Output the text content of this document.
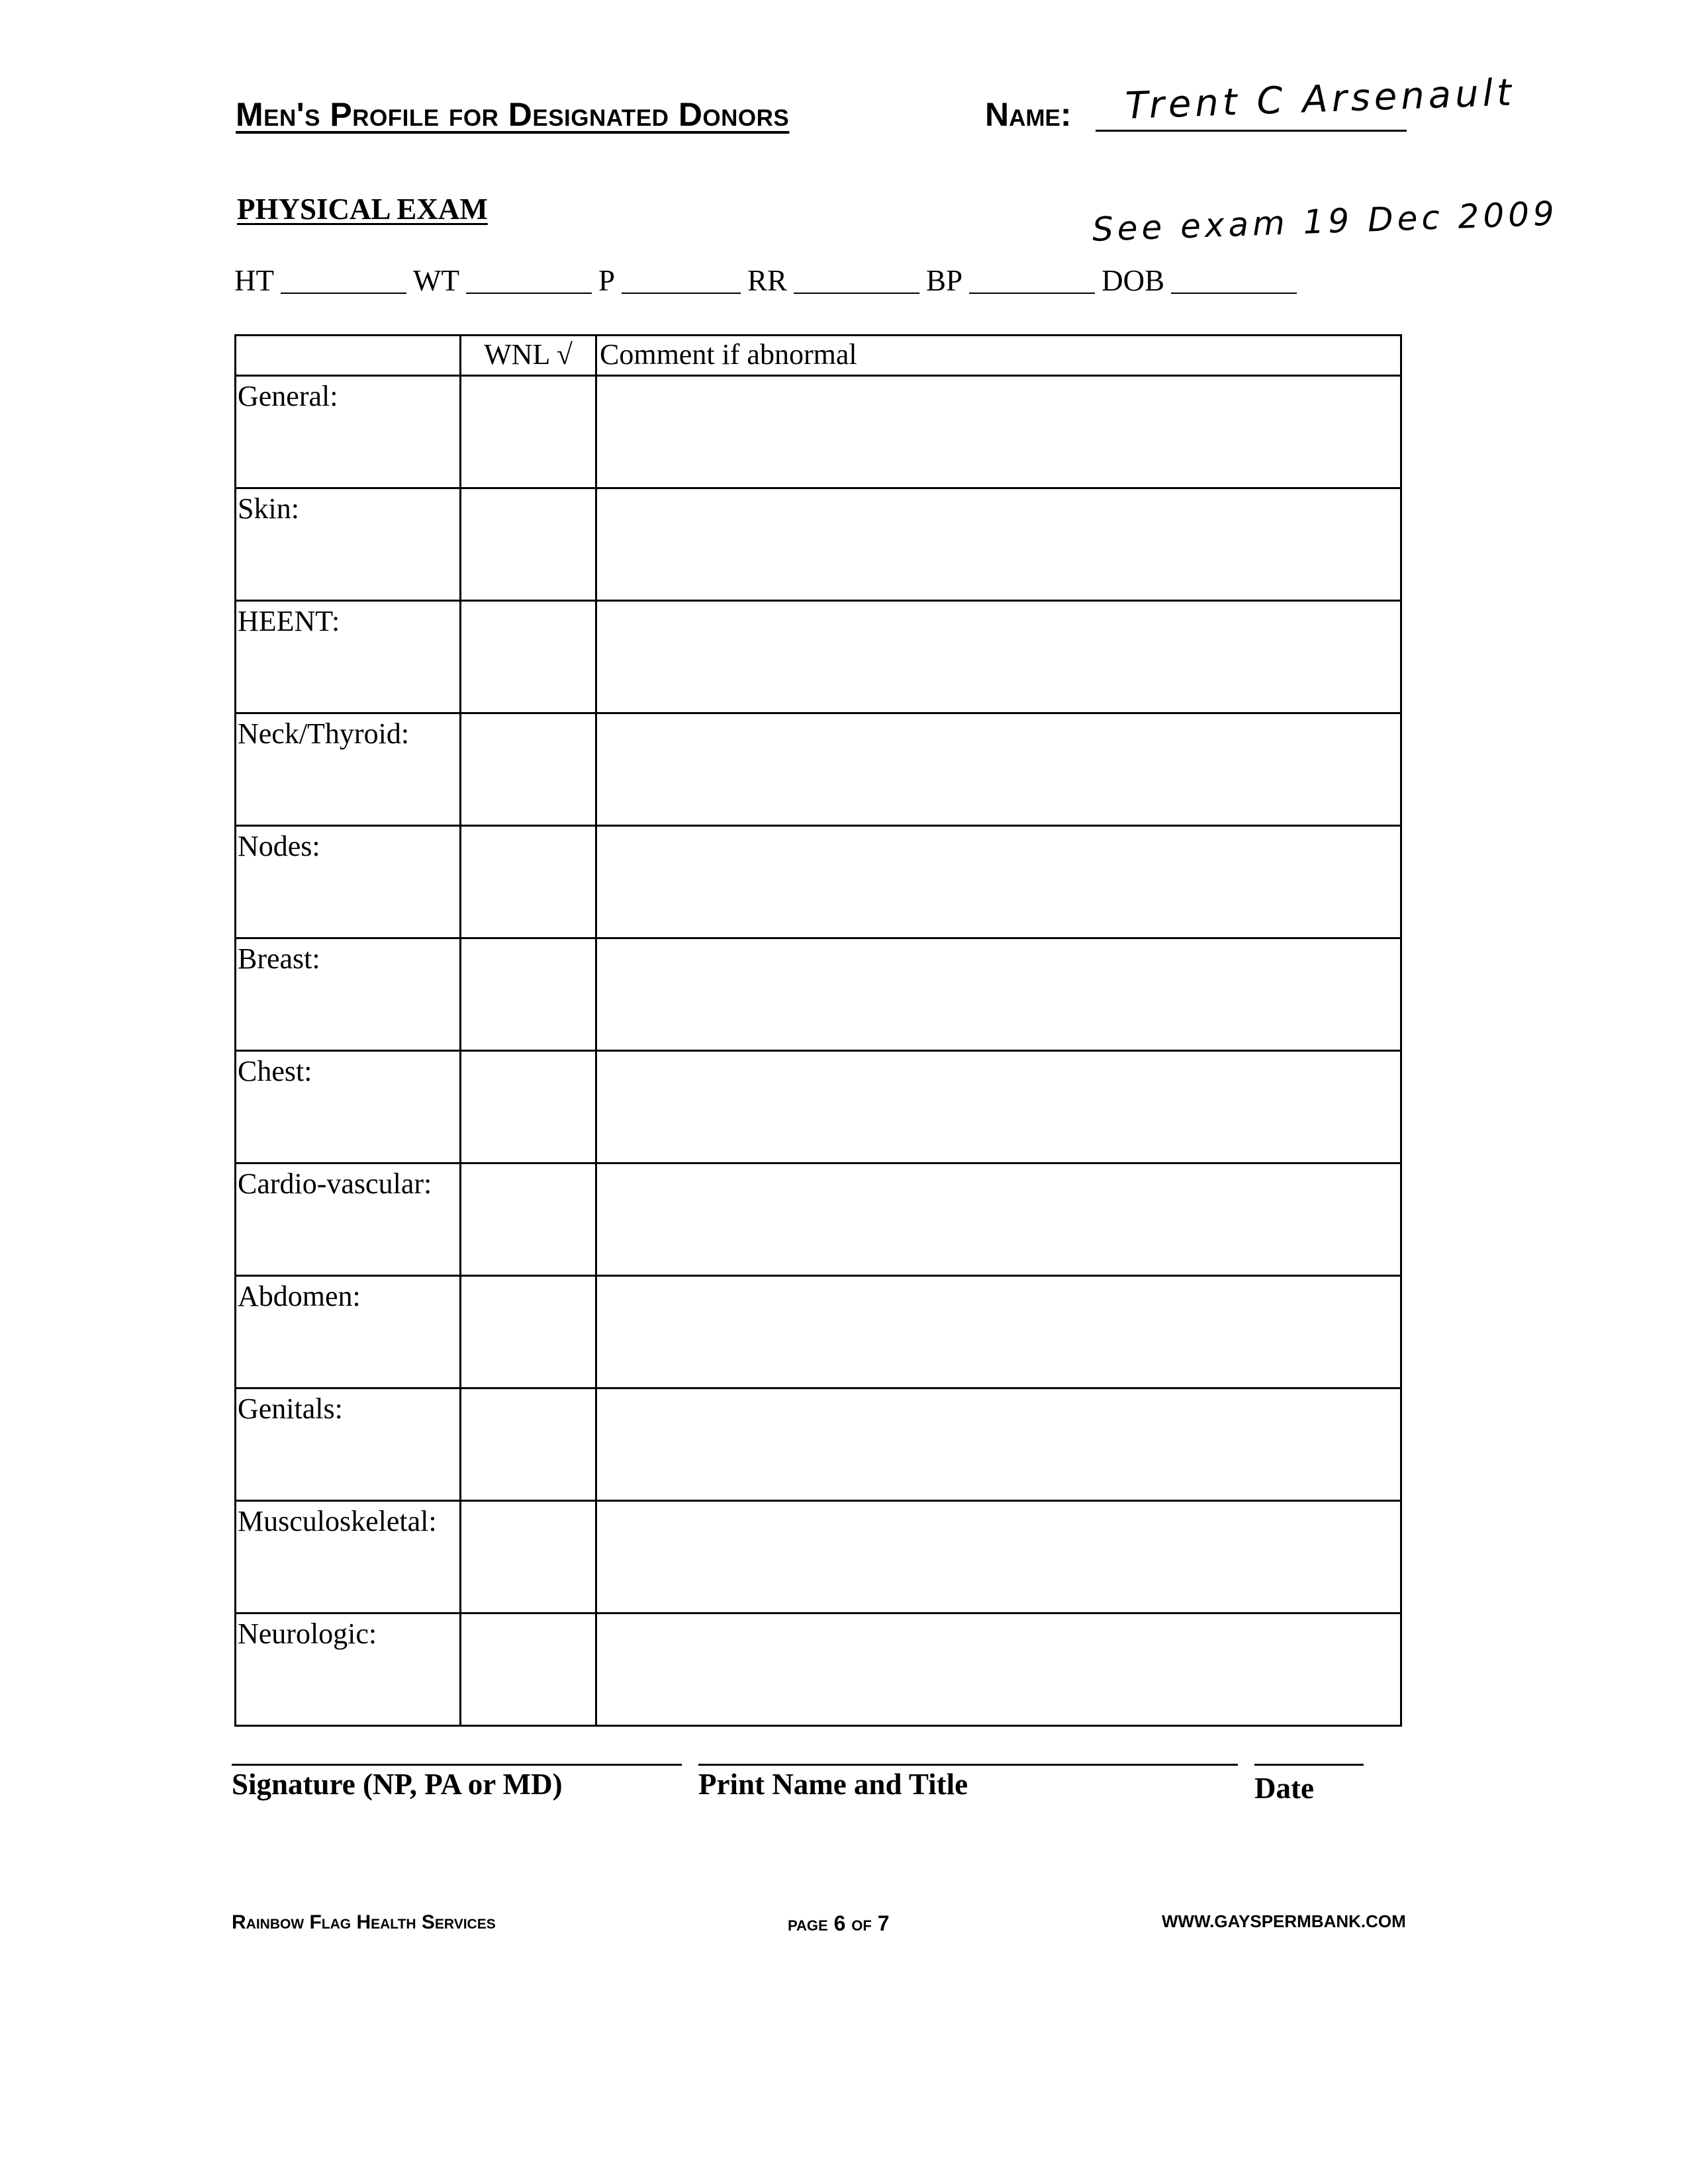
Men's Profile for Designated Donors	Name: Trent C Arsenault
PHYSICAL EXAM	See exam 19 Dec 2009
HT	WT	P	RR	BP	DOB
	WNL √	Comment if abnormal
General:		
Skin:		
HEENT:		
Neck/Thyroid:		
Nodes:		
Breast:		
Chest:		
Cardio-vascular:		
Abdomen:		
Genitals:		
Musculoskeletal:		
Neurologic:		
Signature (NP, PA or MD)	Print Name and Title	Date
Rainbow Flag Health Services	page 6 of 7	WWW.GAYSPERMBANK.COM
